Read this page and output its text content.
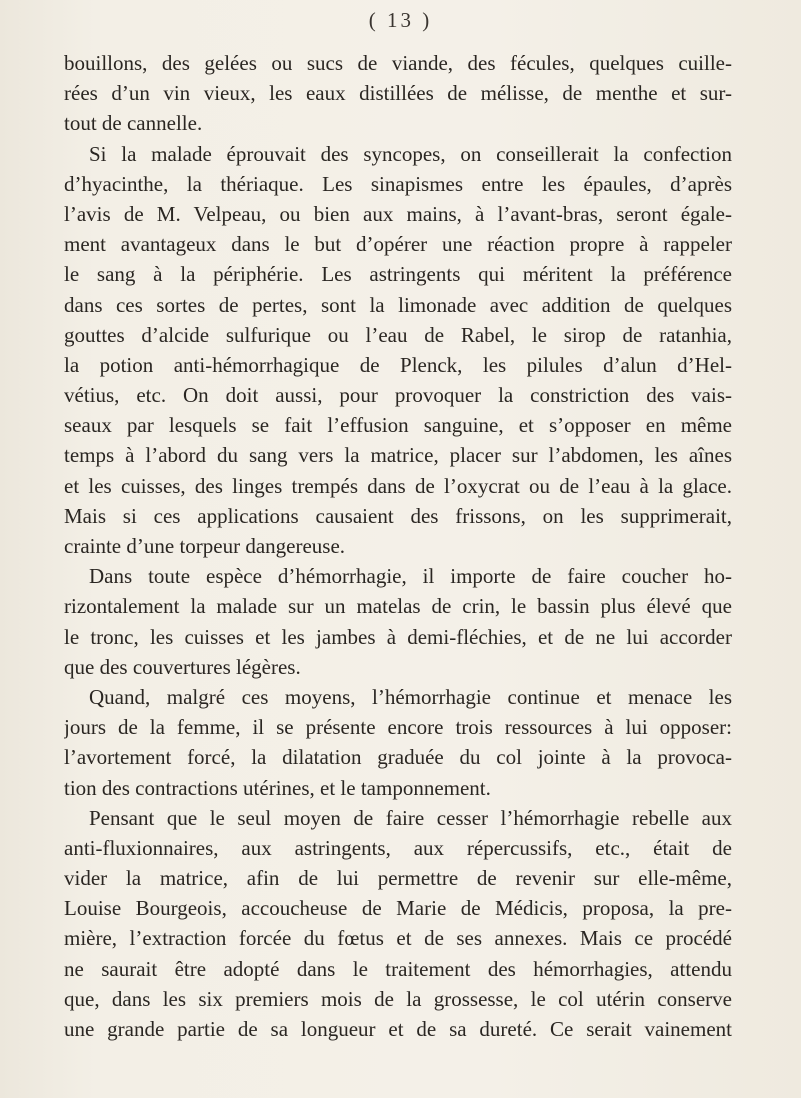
( 13 )
bouillons, des gelées ou sucs de viande, des fécules, quelques cuille-
rées d’un vin vieux, les eaux distillées de mélisse, de menthe et sur-
tout de cannelle.
Si la malade éprouvait des syncopes, on conseillerait la confection
d’hyacinthe, la thériaque. Les sinapismes entre les épaules, d’après
l’avis de M. Velpeau, ou bien aux mains, à l’avant-bras, seront égale-
ment avantageux dans le but d’opérer une réaction propre à rappeler
le sang à la périphérie. Les astringents qui méritent la préférence
dans ces sortes de pertes, sont la limonade avec addition de quelques
gouttes d’alcide sulfurique ou l’eau de Rabel, le sirop de ratanhia,
la potion anti-hémorrhagique de Plenck, les pilules d’alun d’Hel-
vétius, etc. On doit aussi, pour provoquer la constriction des vais-
seaux par lesquels se fait l’effusion sanguine, et s’opposer en même
temps à l’abord du sang vers la matrice, placer sur l’abdomen, les aînes
et les cuisses, des linges trempés dans de l’oxycrat ou de l’eau à la glace.
Mais si ces applications causaient des frissons, on les supprimerait,
crainte d’une torpeur dangereuse.
Dans toute espèce d’hémorrhagie, il importe de faire coucher ho-
rizontalement la malade sur un matelas de crin, le bassin plus élevé que
le tronc, les cuisses et les jambes à demi-fléchies, et de ne lui accorder
que des couvertures légères.
Quand, malgré ces moyens, l’hémorrhagie continue et menace les
jours de la femme, il se présente encore trois ressources à lui opposer:
l’avortement forcé, la dilatation graduée du col jointe à la provoca-
tion des contractions utérines, et le tamponnement.
Pensant que le seul moyen de faire cesser l’hémorrhagie rebelle aux
anti-fluxionnaires, aux astringents, aux répercussifs, etc., était de
vider la matrice, afin de lui permettre de revenir sur elle-même,
Louise Bourgeois, accoucheuse de Marie de Médicis, proposa, la pre-
mière, l’extraction forcée du fœtus et de ses annexes. Mais ce procédé
ne saurait être adopté dans le traitement des hémorrhagies, attendu
que, dans les six premiers mois de la grossesse, le col utérin conserve
une grande partie de sa longueur et de sa dureté. Ce serait vainement
